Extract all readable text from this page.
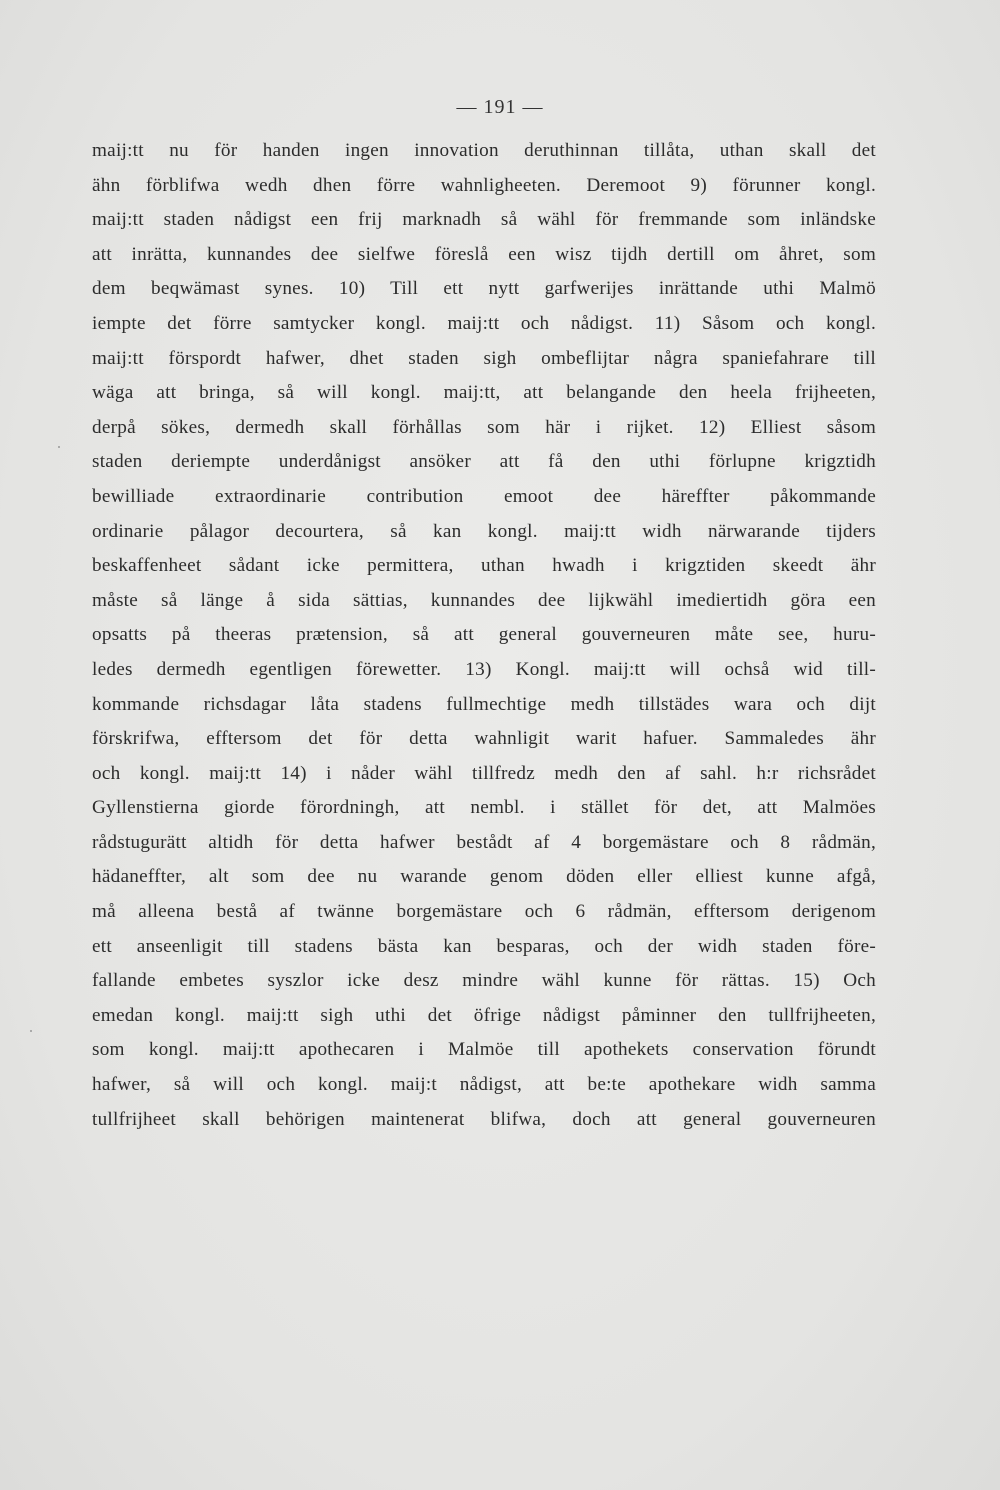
— 191 —
maij:tt nu för handen ingen innovation deruthinnan tillåta, uthan skall det
ähn förblifwa wedh dhen förre wahnligheeten. Deremoot 9) förunner kongl.
maij:tt staden nådigst een frij marknadh så wähl för fremmande som inländske
att inrätta, kunnandes dee sielfwe föreslå een wisz tijdh dertill om åhret, som
dem beqwämast synes. 10) Till ett nytt garfwerijes inrättande uthi Malmö
iempte det förre samtycker kongl. maij:tt och nådigst. 11) Såsom och kongl.
maij:tt förspordt hafwer, dhet staden sigh ombeflijtar några spaniefahrare till
wäga att bringa, så will kongl. maij:tt, att belangande den heela frijheeten,
derpå sökes, dermedh skall förhållas som här i rijket. 12) Elliest såsom
staden deriempte underdånigst ansöker att få den uthi förlupne krigztidh
bewilliade extraordinarie contribution emoot dee häreffter påkommande
ordinarie pålagor decourtera, så kan kongl. maij:tt widh närwarande tijders
beskaffenheet sådant icke permittera, uthan hwadh i krigztiden skeedt ähr
måste så länge å sida sättias, kunnandes dee lijkwähl imediertidh göra een
opsatts på theeras prætension, så att general gouverneuren måte see, huru-
ledes dermedh egentligen förewetter. 13) Kongl. maij:tt will ochså wid till-
kommande richsdagar låta stadens fullmechtige medh tillstädes wara och dijt
förskrifwa, efftersom det för detta wahnligit warit hafuer. Sammaledes ähr
och kongl. maij:tt 14) i nåder wähl tillfredz medh den af sahl. h:r richsrådet
Gyllenstierna giorde förordningh, att nembl. i stället för det, att Malmöes
rådstugurätt altidh för detta hafwer bestådt af 4 borgemästare och 8 rådmän,
hädaneffter, alt som dee nu warande genom döden eller elliest kunne afgå,
må alleena bestå af twänne borgemästare och 6 rådmän, efftersom derigenom
ett anseenligit till stadens bästa kan besparas, och der widh staden före-
fallande embetes syszlor icke desz mindre wähl kunne för rättas. 15) Och
emedan kongl. maij:tt sigh uthi det öfrige nådigst påminner den tullfrijheeten,
som kongl. maij:tt apothecaren i Malmöe till apothekets conservation förundt
hafwer, så will och kongl. maij:t nådigst, att be:te apothekare widh samma
tullfrijheet skall behörigen maintenerat blifwa, doch att general gouverneuren
